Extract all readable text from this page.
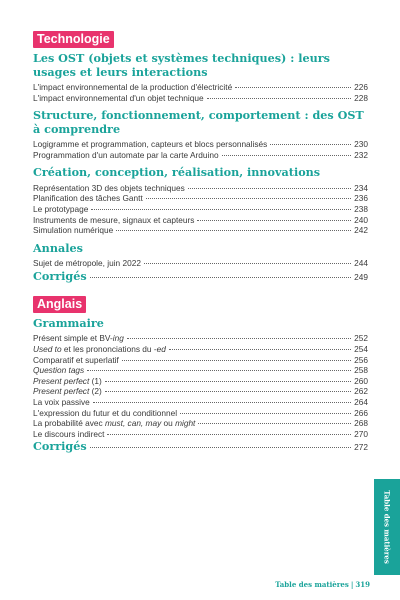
Technologie
Les OST (objets et systèmes techniques) : leurs usages et leurs interactions
L'impact environnemental de la production d'électricité	226
L'impact environnemental d'un objet technique	228
Structure, fonctionnement, comportement : des OST à comprendre
Logigramme et programmation, capteurs et blocs personnalisés	230
Programmation d'un automate par la carte Arduino	232
Création, conception, réalisation, innovations
Représentation 3D des objets techniques	234
Planification des tâches Gantt	236
Le prototypage	238
Instruments de mesure, signaux et capteurs	240
Simulation numérique	242
Annales
Sujet de métropole, juin 2022	244
Corrigés	249
Anglais
Grammaire
Présent simple et BV-ing	252
Used to et les prononciations du -ed	254
Comparatif et superlatif	256
Question tags	258
Present perfect (1)	260
Present perfect (2)	262
La voix passive	264
L'expression du futur et du conditionnel	266
La probabilité avec must, can, may ou might	268
Le discours indirect	270
Corrigés	272
Table des matières
Table des matières | 319
